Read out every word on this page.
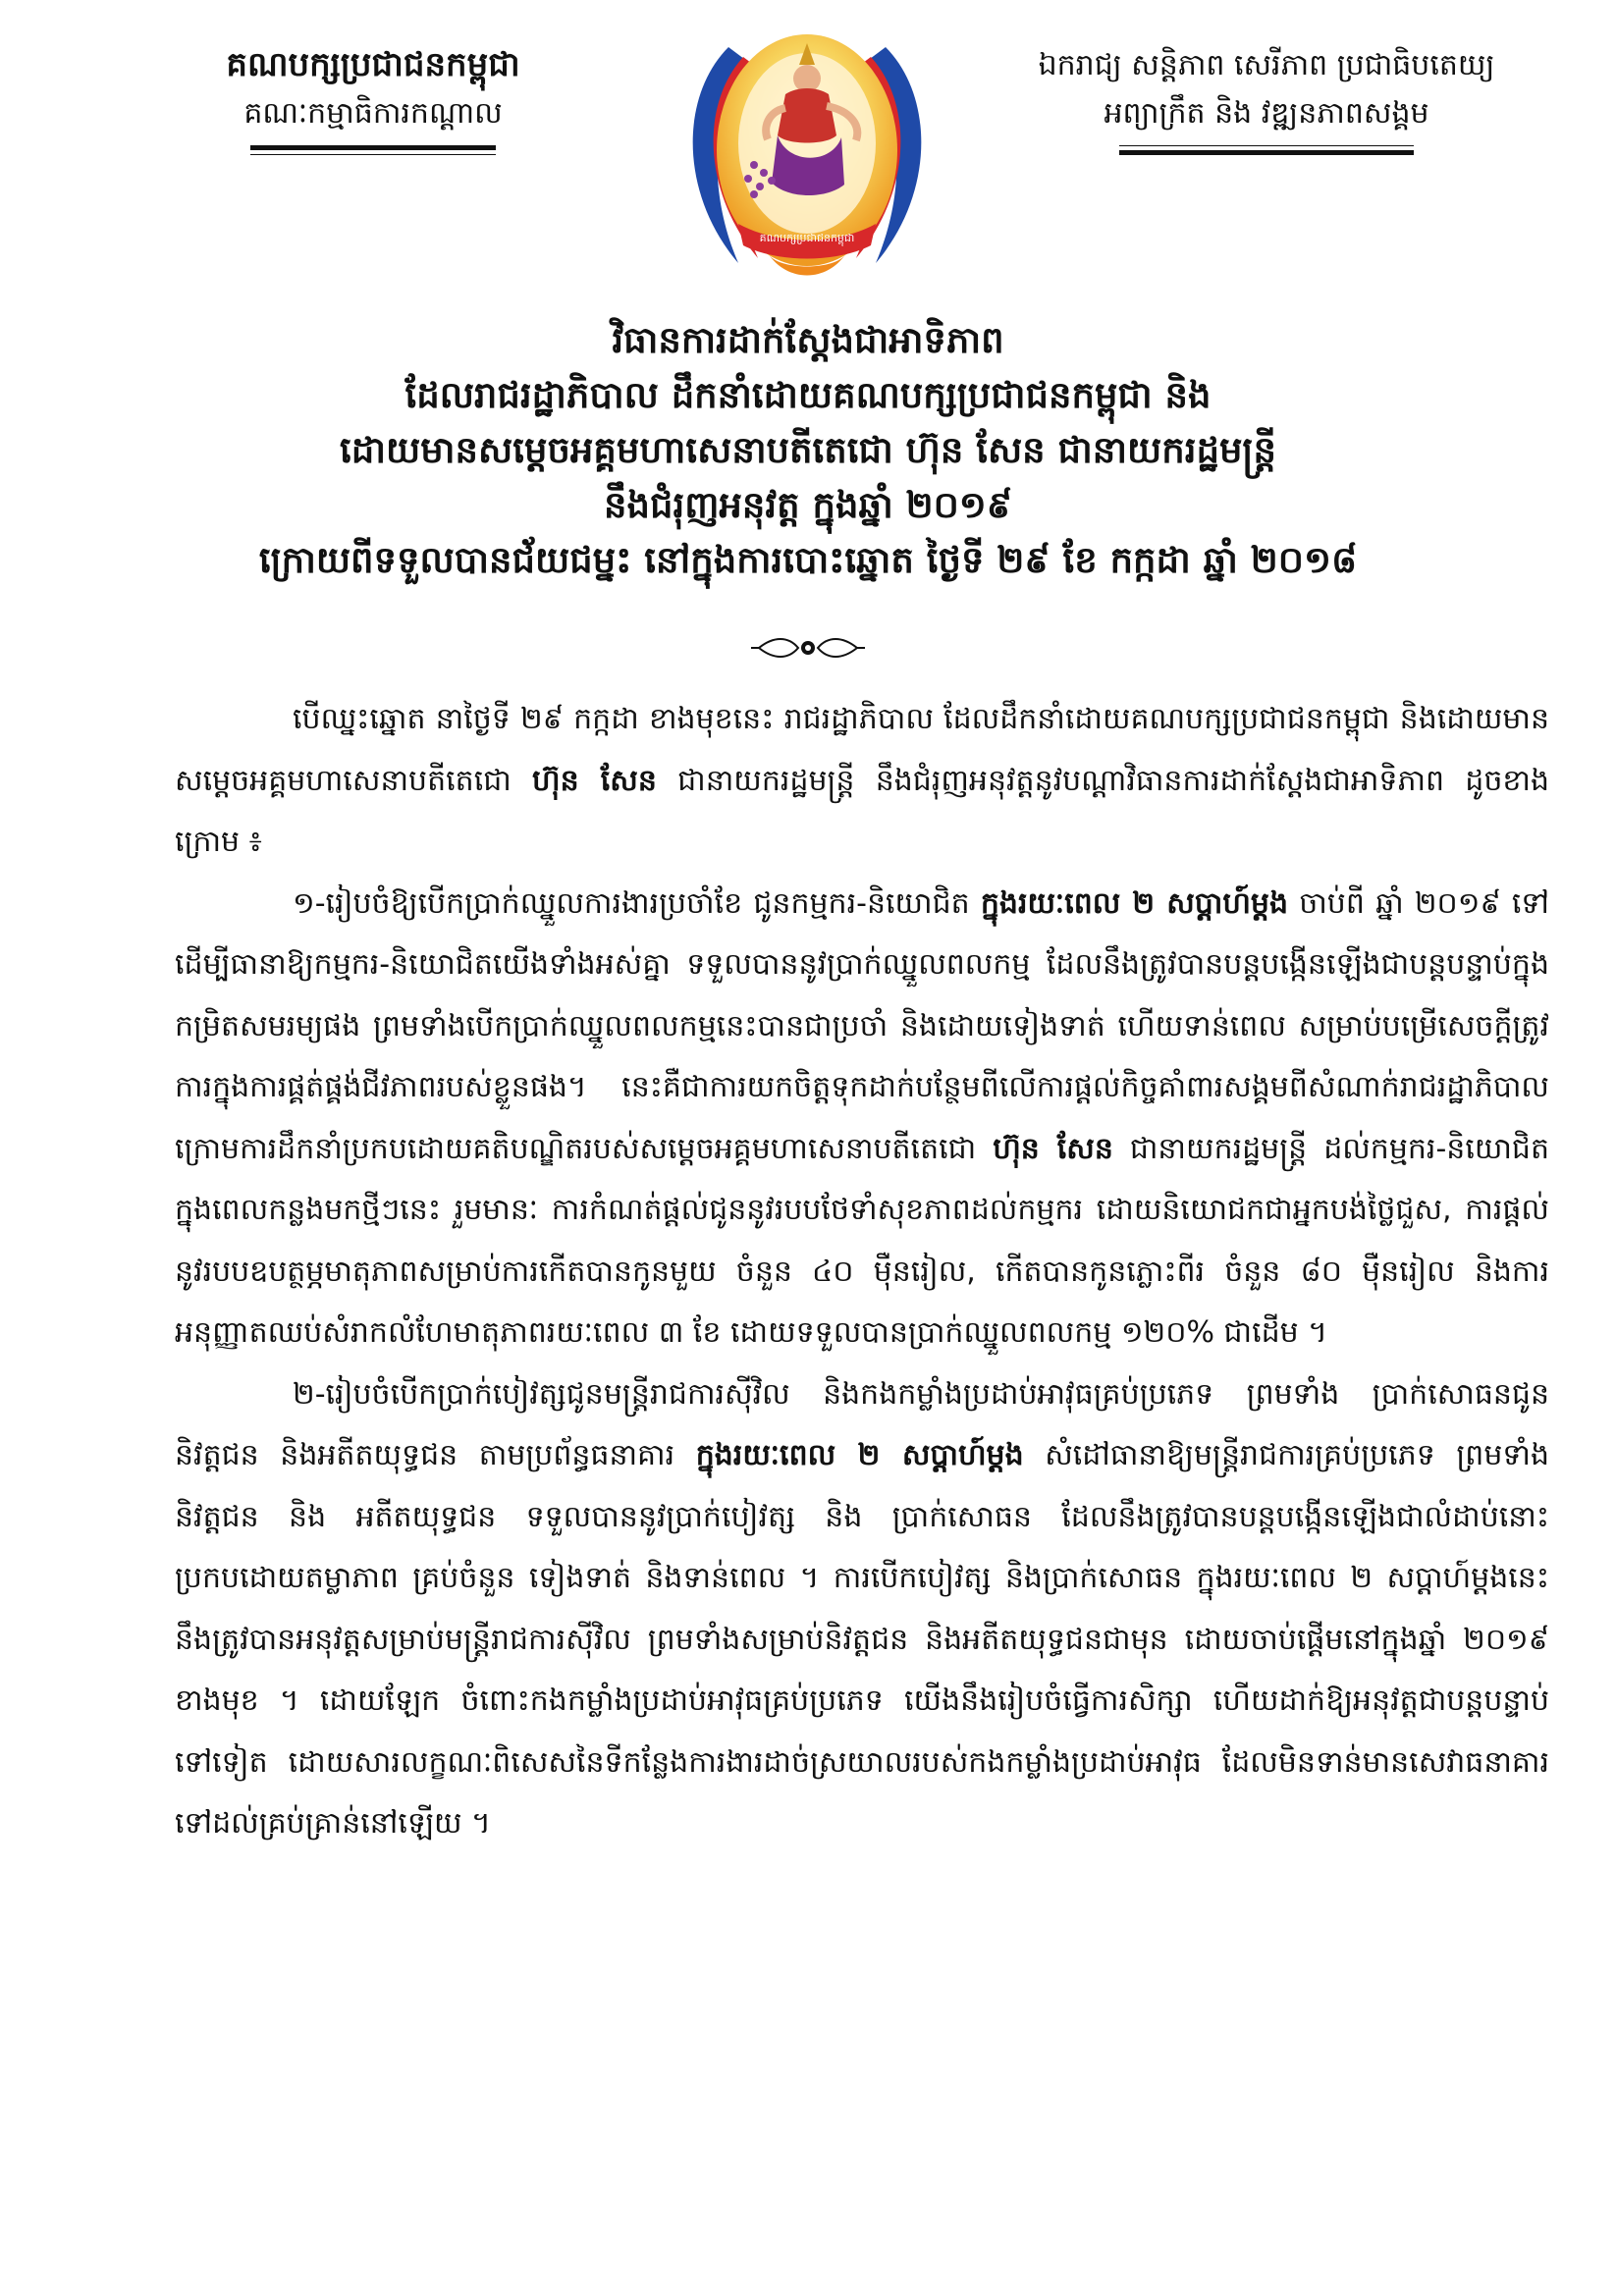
គណបក្សប្រជាជនកម្ពុជា
គណៈកម្មាធិការកណ្តាល
ឯករាជ្យ សន្តិភាព សេរីភាព ប្រជាធិបតេយ្យ
អព្យាក្រឹត និង វឌ្ឍនភាពសង្គម
គណបក្សប្រជាជនកម្ពុជា
វិធានការដាក់ស្តែងជាអាទិភាព
ដែលរាជរដ្ឋាភិបាល ដឹកនាំដោយគណបក្សប្រជាជនកម្ពុជា និង
ដោយមានសម្តេចអគ្គមហាសេនាបតីតេជោ ហ៊ុន សែន ជានាយករដ្ឋមន្ត្រី
នឹងជំរុញអនុវត្ត ក្នុងឆ្នាំ ២០១៩
ក្រោយពីទទួលបានជ័យជម្នះ នៅក្នុងការបោះឆ្នោត ថ្ងៃទី ២៩ ខែ កក្កដា ឆ្នាំ ២០១៨

បើឈ្នះឆ្នោត នាថ្ងៃទី ២៩ កក្កដា ខាងមុខនេះ រាជរដ្ឋាភិបាល ដែលដឹកនាំដោយគណបក្សប្រជាជនកម្ពុជា និងដោយមានសម្តេចអគ្គមហាសេនាបតីតេជោ ហ៊ុន សែន ជានាយករដ្ឋមន្ត្រី នឹងជំរុញអនុវត្តនូវបណ្តាវិធានការដាក់ស្តែងជាអាទិភាព ដូចខាងក្រោម ៖

១-រៀបចំឱ្យបើកប្រាក់ឈ្នួលការងារប្រចាំខែ ជូនកម្មករ-និយោជិត ក្នុងរយៈពេល ២ សប្តាហ៍ម្តង ចាប់ពី ឆ្នាំ ២០១៩ ទៅ ដើម្បីធានាឱ្យកម្មករ-និយោជិតយើងទាំងអស់គ្នា ទទួលបាននូវប្រាក់ឈ្នួលពលកម្ម ដែលនឹងត្រូវបានបន្តបង្កើនឡើងជាបន្តបន្ទាប់ក្នុងកម្រិតសមរម្យផង ព្រមទាំងបើកប្រាក់ឈ្នួលពលកម្មនេះបានជាប្រចាំ និងដោយទៀងទាត់ ហើយទាន់ពេល សម្រាប់បម្រើសេចក្តីត្រូវការក្នុងការផ្គត់ផ្គង់ជីវភាពរបស់ខ្លួនផង។ នេះគឺជាការយកចិត្តទុកដាក់បន្ថែមពីលើការផ្តល់កិច្ចគាំពារសង្គមពីសំណាក់រាជរដ្ឋាភិបាល ក្រោមការដឹកនាំប្រកបដោយគតិបណ្ឌិតរបស់សម្តេចអគ្គមហាសេនាបតីតេជោ ហ៊ុន សែន ជានាយករដ្ឋមន្ត្រី ដល់កម្មករ-និយោជិត ក្នុងពេលកន្លងមកថ្មីៗនេះ រួមមានៈ ការកំណត់ផ្តល់ជូននូវរបបថែទាំសុខភាពដល់កម្មករ ដោយនិយោជកជាអ្នកបង់ថ្លៃជួស, ការផ្តល់នូវរបបឧបត្ថម្ភមាតុភាពសម្រាប់ការកើតបានកូនមួយ ចំនួន ៤០ ម៉ឺនរៀល, កើតបានកូនភ្លោះពីរ ចំនួន ៨០ ម៉ឺនរៀល និងការអនុញ្ញាតឈប់សំរាកលំហែមាតុភាពរយៈពេល ៣ ខែ ដោយទទួលបានប្រាក់ឈ្នួលពលកម្ម ១២០% ជាដើម ។

២-រៀបចំបើកប្រាក់បៀវត្សជូនមន្ត្រីរាជការស៊ីវិល និងកងកម្លាំងប្រដាប់អាវុធគ្រប់ប្រភេទ ព្រមទាំង ប្រាក់សោធនជូននិវត្តជន និងអតីតយុទ្ធជន តាមប្រព័ន្ធធនាគារ ក្នុងរយៈពេល ២ សប្តាហ៍ម្តង សំដៅធានាឱ្យមន្ត្រីរាជការគ្រប់ប្រភេទ ព្រមទាំងនិវត្តជន និង អតីតយុទ្ធជន ទទួលបាននូវប្រាក់បៀវត្ស និង ប្រាក់សោធន ដែលនឹងត្រូវបានបន្តបង្កើនឡើងជាលំដាប់នោះ ប្រកបដោយតម្លាភាព គ្រប់ចំនួន ទៀងទាត់ និងទាន់ពេល ។ ការបើកបៀវត្ស និងប្រាក់សោធន ក្នុងរយៈពេល ២ សប្តាហ៍ម្តងនេះ នឹងត្រូវបានអនុវត្តសម្រាប់មន្ត្រីរាជការស៊ីវិល ព្រមទាំងសម្រាប់និវត្តជន និងអតីតយុទ្ធជនជាមុន ដោយចាប់ផ្តើមនៅក្នុងឆ្នាំ ២០១៩ ខាងមុខ ។ ដោយឡែក ចំពោះកងកម្លាំងប្រដាប់អាវុធគ្រប់ប្រភេទ យើងនឹងរៀបចំធ្វើការសិក្សា ហើយដាក់ឱ្យអនុវត្តជាបន្តបន្ទាប់ទៅទៀត ដោយសារលក្ខណៈពិសេសនៃទីកន្លែងការងារដាច់ស្រយាលរបស់កងកម្លាំងប្រដាប់អាវុធ ដែលមិនទាន់មានសេវាធនាគារទៅដល់គ្រប់គ្រាន់នៅឡើយ ។
